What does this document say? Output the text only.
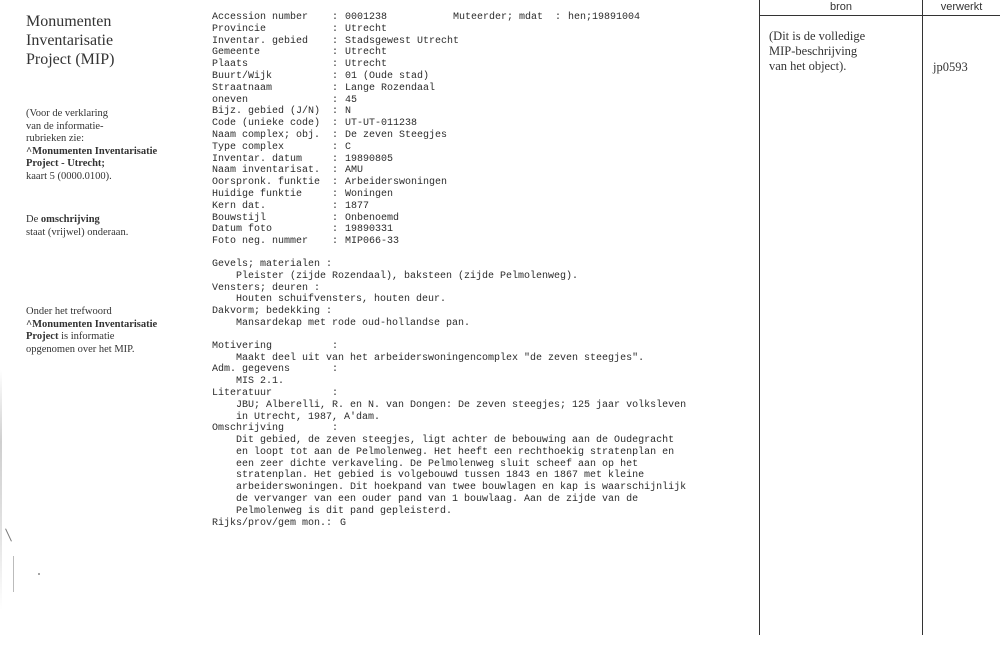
Monumenten
Inventarisatie
Project (MIP)
(Voor de verklaring
van de informatie-
rubrieken zie:
^Monumenten Inventarisatie
Project - Utrecht;
kaart 5 (0000.0100).
De omschrijving
staat (vrijwel) onderaan.
Onder het trefwoord
^Monumenten Inventarisatie
Project is informatie
opgenomen over het MIP.
Accession number : 0001238	Muteerder; mdat : hen;19891004
Provincie	: Utrecht
Inventar. gebied : Stadsgewest Utrecht
Gemeente	: Utrecht
Plaats	: Utrecht
Buurt/Wijk	: 01 (Oude stad)
Straatnaam	: Lange Rozendaal
oneven	: 45
Bijz. gebied (J/N) : N
Code (unieke code) : UT-UT-011238
Naam complex; obj. : De zeven Steegjes
Type complex	: C
Inventar. datum	: 19890805
Naam inventarisat. : AMU
Oorspronk. funktie : Arbeiderswoningen
Huidige funktie	: Woningen
Kern dat.	: 1877
Bouwstijl	: Onbenoemd
Datum foto	: 19890331
Foto neg. nummer : MIP066-33
Gevels; materialen :
Pleister (zijde Rozendaal), baksteen (zijde Pelmolenweg).
Vensters; deuren :
Houten schuifvensters, houten deur.
Dakvorm; bedekking :
Mansardekap met rode oud-hollandse pan.
Motivering	:
Maakt deel uit van het arbeiderswoningencomplex "de zeven steegjes".
Adm. gegevens	:
MIS 2.1.
Literatuur	:
JBU; Alberelli, R. en N. van Dongen: De zeven steegjes; 125 jaar volksleven
in Utrecht, 1987, A'dam.
Omschrijving	:
Dit gebied, de zeven steegjes, ligt achter de bebouwing aan de Oudegracht
en loopt tot aan de Pelmolenweg. Het heeft een rechthoekig stratenplan en
een zeer dichte verkaveling. De Pelmolenweg sluit scheef aan op het
stratenplan. Het gebied is volgebouwd tussen 1843 en 1867 met kleine
arbeiderswoningen. Dit hoekpand van twee bouwlagen en kap is waarschijnlijk
de vervanger van een ouder pand van 1 bouwlaag. Aan de zijde van de
Pelmolenweg is dit pand gepleisterd.
Rijks/prov/gem mon.: G
bron	verwerkt
(Dit is de volledige
MIP-beschrijving
van het object).	jp0593
